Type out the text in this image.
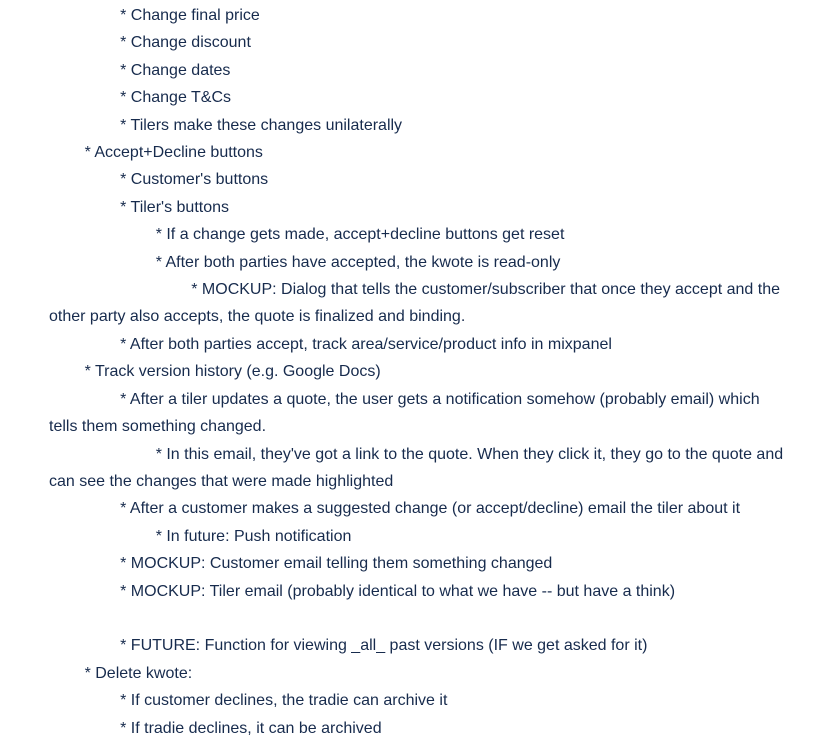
* Change final price

* Change discount

* Change dates

* Change T&Cs

* Tilers make these changes unilaterally

* Accept+Decline buttons

* Customer's buttons

* Tiler's buttons

* If a change gets made, accept+decline buttons get reset

* After both parties have accepted, the kwote is read-only

* MOCKUP: Dialog that tells the customer/subscriber that once they accept and the other party also accepts, the quote is finalized and binding.

* After both parties accept, track area/service/product info in mixpanel

* Track version history (e.g. Google Docs)

* After a tiler updates a quote, the user gets a notification somehow (probably email) which tells them something changed.

* In this email, they've got a link to the quote. When they click it, they go to the quote and can see the changes that were made highlighted

* After a customer makes a suggested change (or accept/decline) email the tiler about it

* In future: Push notification

* MOCKUP: Customer email telling them something changed

* MOCKUP: Tiler email (probably identical to what we have -- but have a think)

* FUTURE: Function for viewing _all_ past versions (IF we get asked for it)

* Delete kwote:

* If customer declines, the tradie can archive it

* If tradie declines, it can be archived
